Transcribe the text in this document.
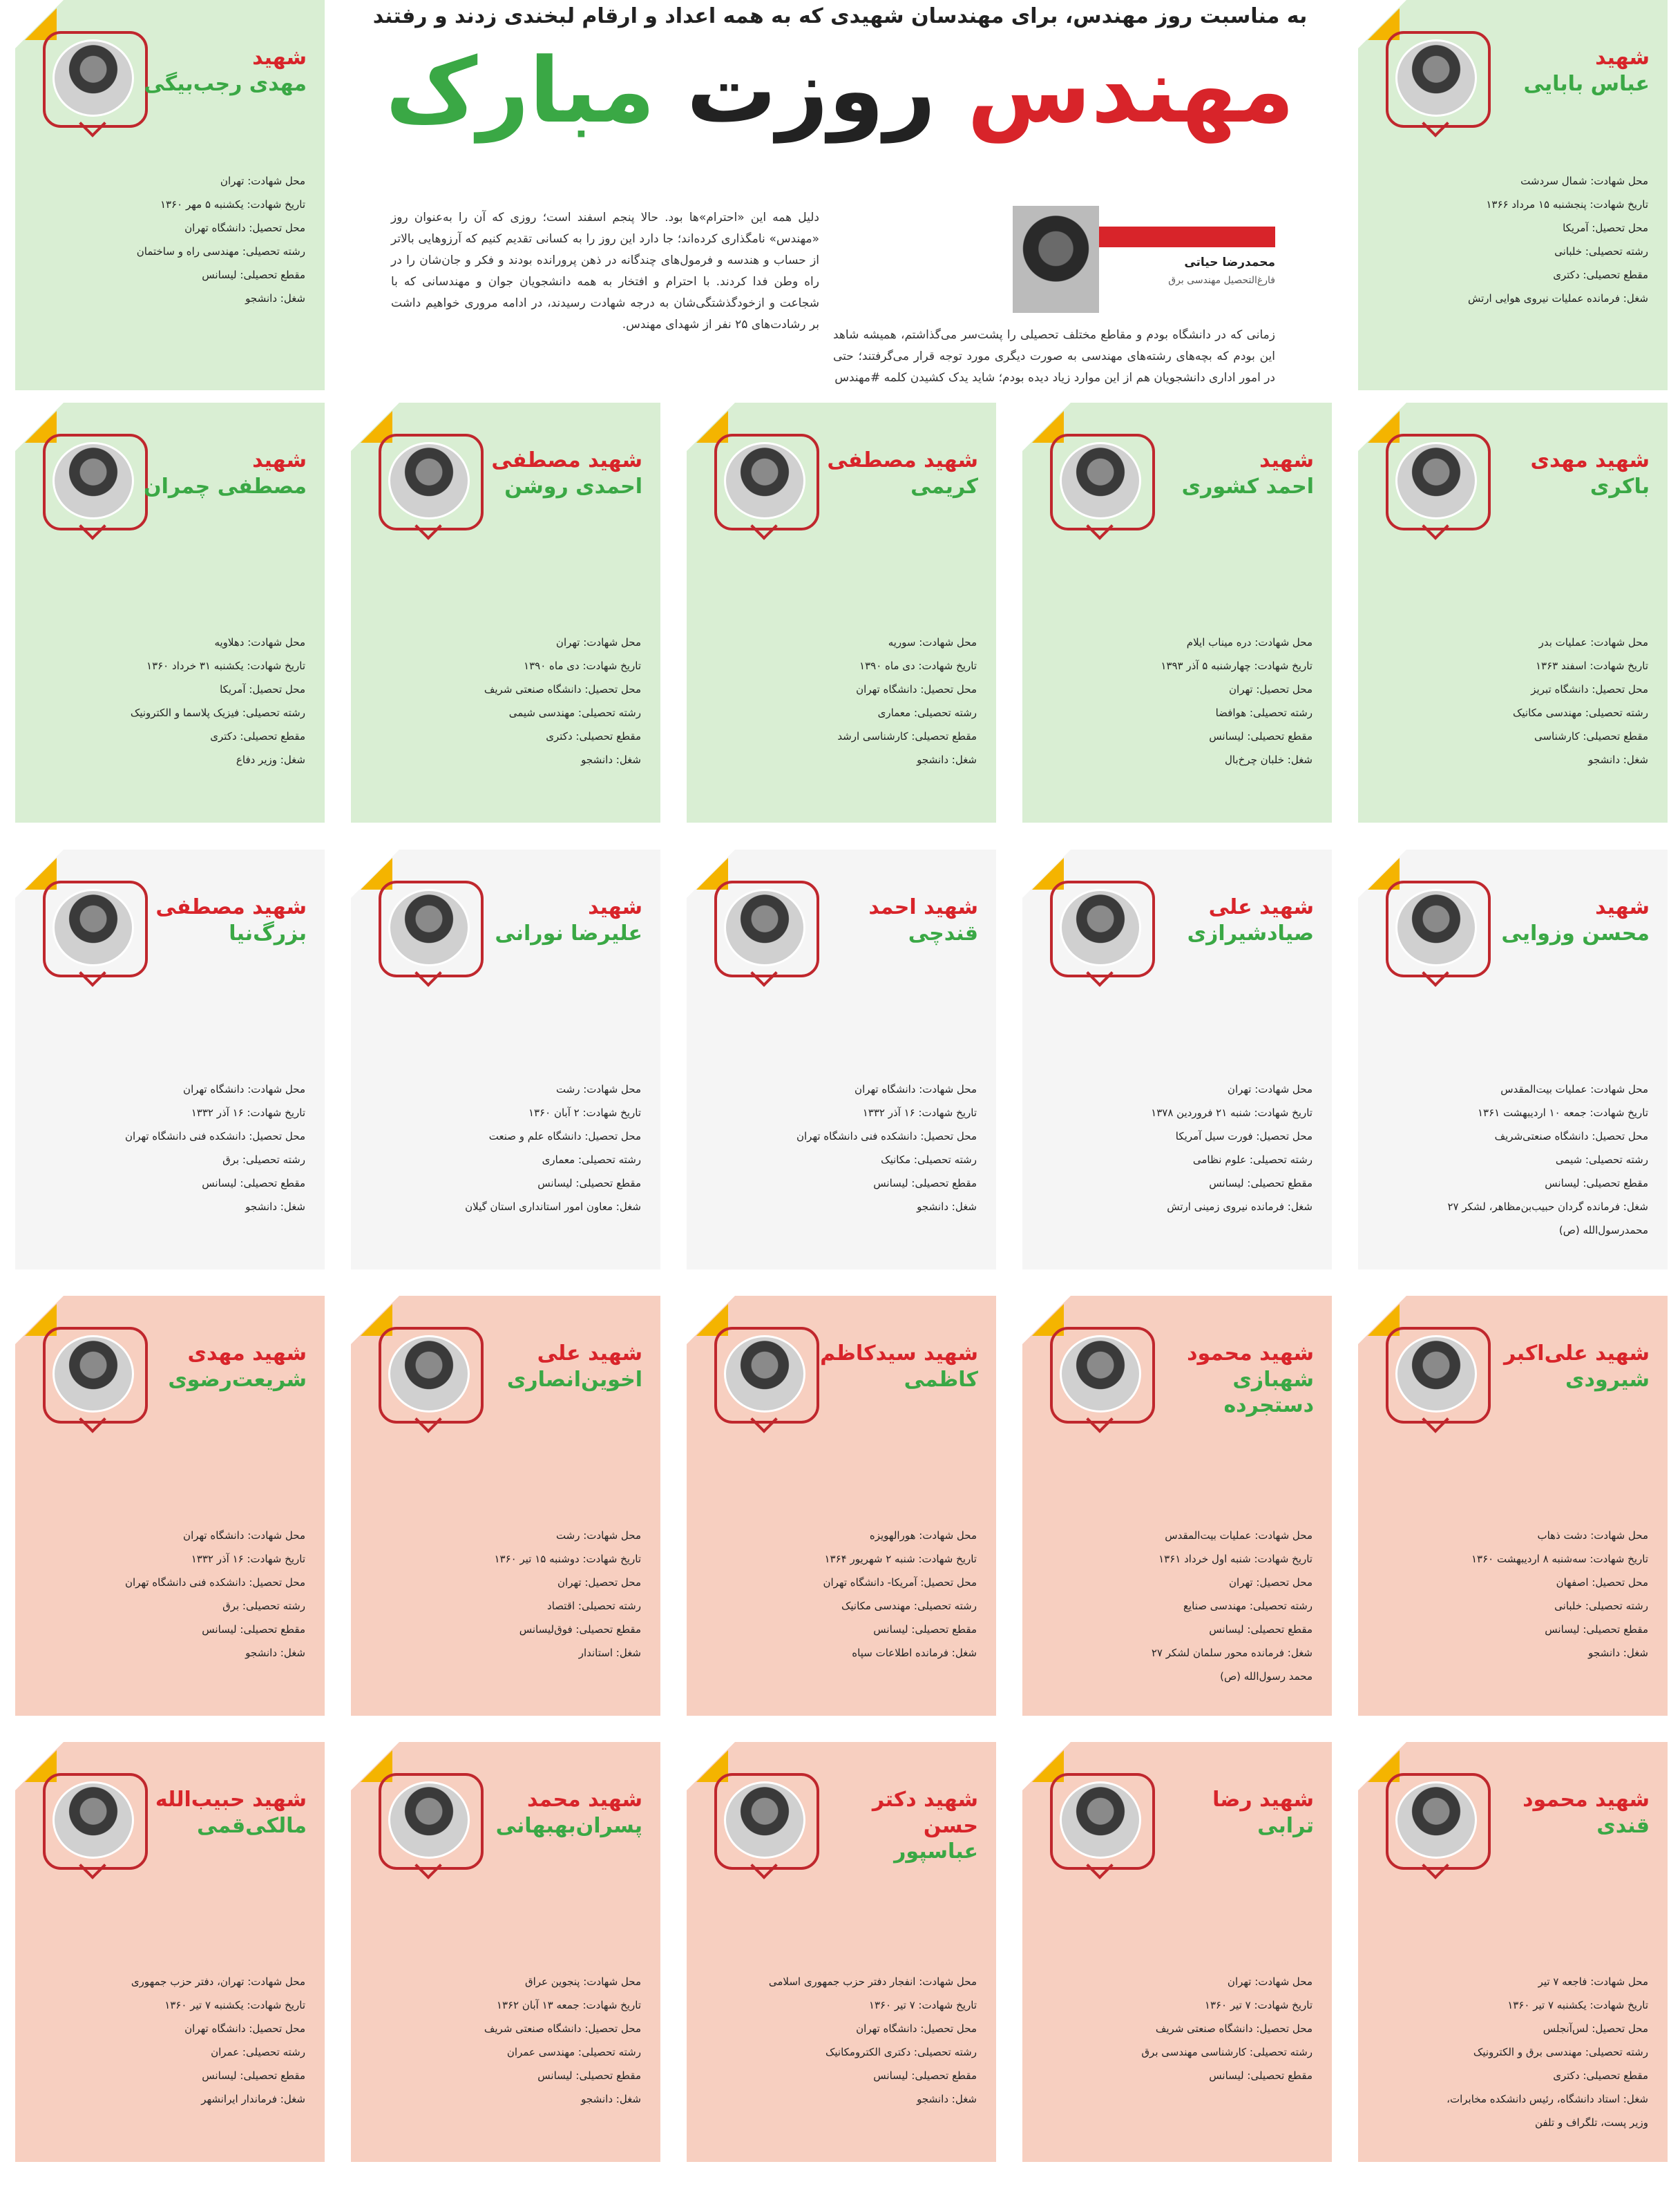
به مناسبت روز مهندس، برای مهندسان شهیدی که به همه اعداد و ارقام لبخندی زدند و رفتند
مهندس روزت مبارک
محمدرضا حیاتی
فارغ‌التحصیل مهندسی برق
زمانی که در دانشگاه بودم و مقاطع مختلف تحصیلی را پشت‌سر می‌گذاشتم، همیشه شاهد این بودم که بچه‌های رشته‌های مهندسی به صورت دیگری مورد توجه قرار می‌گرفتند؛ حتی در امور اداری دانشجویان هم از این موارد زیاد دیده بودم؛ شاید یدک کشیدن کلمه #مهندس
دلیل همه این «احترام»ها بود. حالا پنجم اسفند است؛ روزی که آن را به‌عنوان روز «مهندس» نامگذاری کرده‌اند؛ جا دارد این روز را به کسانی تقدیم کنیم که آرزوهایی بالاتر از حساب و هندسه و فرمول‌های چندگانه در ذهن پرورانده بودند و فکر و جان‌شان را در راه وطن فدا کردند. با احترام و افتخار به همه دانشجویان جوان و مهندسانی که با شجاعت و ازخودگذشتگی‌شان به درجه شهادت رسیدند، در ادامه مروری خواهیم داشت بر رشادت‌های ۲۵ نفر از شهدای مهندس.
شهید
عباس بابایی
محل شهادت: شمال سردشت
تاریخ شهادت: پنجشنبه ۱۵ مرداد ۱۳۶۶
محل تحصیل: آمریکا
رشته تحصیلی: خلبانی
مقطع تحصیلی: دکتری
شغل: فرمانده عملیات نیروی هوایی ارتش
شهید
مهدی رجب‌بیگی
محل شهادت: تهران
تاریخ شهادت: یکشنبه ۵ مهر ۱۳۶۰
محل تحصیل: دانشگاه تهران
رشته تحصیلی: مهندسی راه و ساختمان
مقطع تحصیلی: لیسانس
شغل: دانشجو
شهید مهدی
باکری
محل شهادت: عملیات بدر
تاریخ شهادت: اسفند ۱۳۶۳
محل تحصیل: دانشگاه تبریز
رشته تحصیلی: مهندسی مکانیک
مقطع تحصیلی: کارشناسی
شغل: دانشجو
شهید
احمد کشوری
محل شهادت: دره میناب ایلام
تاریخ شهادت: چهارشنبه ۵ آذر ۱۳۹۳
محل تحصیل: تهران
رشته تحصیلی: هوافضا
مقطع تحصیلی: لیسانس
شغل: خلبان چرخ‌بال
شهید مصطفی
کریمی
محل شهادت: سوریه
تاریخ شهادت: دی ماه ۱۳۹۰
محل تحصیل: دانشگاه تهران
رشته تحصیلی: معماری
مقطع تحصیلی: کارشناسی ارشد
شغل: دانشجو
شهید مصطفی
احمدی روشن
محل شهادت: تهران
تاریخ شهادت: دی ماه ۱۳۹۰
محل تحصیل: دانشگاه صنعتی شریف
رشته تحصیلی: مهندسی شیمی
مقطع تحصیلی: دکتری
شغل: دانشجو
شهید
مصطفی چمران
محل شهادت: دهلاویه
تاریخ شهادت: یکشنبه ۳۱ خرداد ۱۳۶۰
محل تحصیل: آمریکا
رشته تحصیلی: فیزیک پلاسما و الکترونیک
مقطع تحصیلی: دکتری
شغل: وزیر دفاع
شهید
محسن وزوایی
محل شهادت: عملیات بیت‌المقدس
تاریخ شهادت: جمعه ۱۰ اردیبهشت ۱۳۶۱
محل تحصیل: دانشگاه صنعتی‌شریف
رشته تحصیلی: شیمی
مقطع تحصیلی: لیسانس
شغل: فرمانده گردان حبیب‌بن‌مظاهر، لشکر ۲۷
محمدرسول‌الله (ص)
شهید علی
صیادشیرازی
محل شهادت: تهران
تاریخ شهادت: شنبه ۲۱ فروردین ۱۳۷۸
محل تحصیل: فورت سیل آمریکا
رشته تحصیلی: علوم نظامی
مقطع تحصیلی: لیسانس
شغل: فرمانده نیروی زمینی ارتش
شهید احمد
قندچی
محل شهادت: دانشگاه تهران
تاریخ شهادت: ۱۶ آذر ۱۳۳۲
محل تحصیل: دانشکده فنی دانشگاه تهران
رشته تحصیلی: مکانیک
مقطع تحصیلی: لیسانس
شغل: دانشجو
شهید
علیرضا نورانی
محل شهادت: رشت
تاریخ شهادت: ۲ آبان ۱۳۶۰
محل تحصیل: دانشگاه علم و صنعت
رشته تحصیلی: معماری
مقطع تحصیلی: لیسانس
شغل: معاون امور استانداری استان گیلان
شهید مصطفی
بزرگ‌نیا
محل شهادت: دانشگاه تهران
تاریخ شهادت: ۱۶ آذر ۱۳۳۲
محل تحصیل: دانشکده فنی دانشگاه تهران
رشته تحصیلی: برق
مقطع تحصیلی: لیسانس
شغل: دانشجو
شهید علی‌اکبر
شیرودی
محل شهادت: دشت ذهاب
تاریخ شهادت: سه‌شنبه ۸ اردیبهشت ۱۳۶۰
محل تحصیل: اصفهان
رشته تحصیلی: خلبانی
مقطع تحصیلی: لیسانس
شغل: دانشجو
شهید محمود
شهبازی دستجرده
محل شهادت: عملیات بیت‌المقدس
تاریخ شهادت: شنبه اول خرداد ۱۳۶۱
محل تحصیل: تهران
رشته تحصیلی: مهندسی صنایع
مقطع تحصیلی: لیسانس
شغل: فرمانده محور سلمان لشکر ۲۷
محمد رسول‌الله (ص)
شهید سیدکاظم
کاظمی
محل شهادت: هورالهویزه
تاریخ شهادت: شنبه ۲ شهریور ۱۳۶۴
محل تحصیل: آمریکا- دانشگاه تهران
رشته تحصیلی: مهندسی مکانیک
مقطع تحصیلی: لیسانس
شغل: فرمانده اطلاعات سپاه
شهید علی
اخوین‌انصاری
محل شهادت: رشت
تاریخ شهادت: دوشنبه ۱۵ تیر ۱۳۶۰
محل تحصیل: تهران
رشته تحصیلی: اقتصاد
مقطع تحصیلی: فوق‌لیسانس
شغل: استاندار
شهید مهدی
شریعت‌رضوی
محل شهادت: دانشگاه تهران
تاریخ شهادت: ۱۶ آذر ۱۳۳۲
محل تحصیل: دانشکده فنی دانشگاه تهران
رشته تحصیلی: برق
مقطع تحصیلی: لیسانس
شغل: دانشجو
شهید محمود
قندی
محل شهادت: فاجعه ۷ تیر
تاریخ شهادت: یکشنبه ۷ تیر ۱۳۶۰
محل تحصیل: لس‌آنجلس
رشته تحصیلی: مهندسی برق و الکترونیک
مقطع تحصیلی: دکتری
شغل: استاد دانشگاه، رئیس دانشکده مخابرات،
وزیر پست، تلگراف و تلفن
شهید رضا
ترابی
محل شهادت: تهران
تاریخ شهادت: ۷ تیر ۱۳۶۰
محل تحصیل: دانشگاه صنعتی شریف
رشته تحصیلی: کارشناسی مهندسی برق
مقطع تحصیلی: لیسانس
شهید دکتر حسن
عباسپور
محل شهادت: انفجار دفتر حزب جمهوری اسلامی
تاریخ شهادت: ۷ تیر ۱۳۶۰
محل تحصیل: دانشگاه تهران
رشته تحصیلی: دکتری الکترومکانیک
مقطع تحصیلی: لیسانس
شغل: دانشجو
شهید محمد
پسران‌بهبهانی
محل شهادت: پنجوین عراق
تاریخ شهادت: جمعه ۱۳ آبان ۱۳۶۲
محل تحصیل: دانشگاه صنعتی شریف
رشته تحصیلی: مهندسی عمران
مقطع تحصیلی: لیسانس
شغل: دانشجو
شهید حبیب‌الله
مالکی‌قمی
محل شهادت: تهران، دفتر حزب جمهوری
تاریخ شهادت: یکشنبه ۷ تیر ۱۳۶۰
محل تحصیل: دانشگاه تهران
رشته تحصیلی: عمران
مقطع تحصیلی: لیسانس
شغل: فرماندار ایرانشهر
